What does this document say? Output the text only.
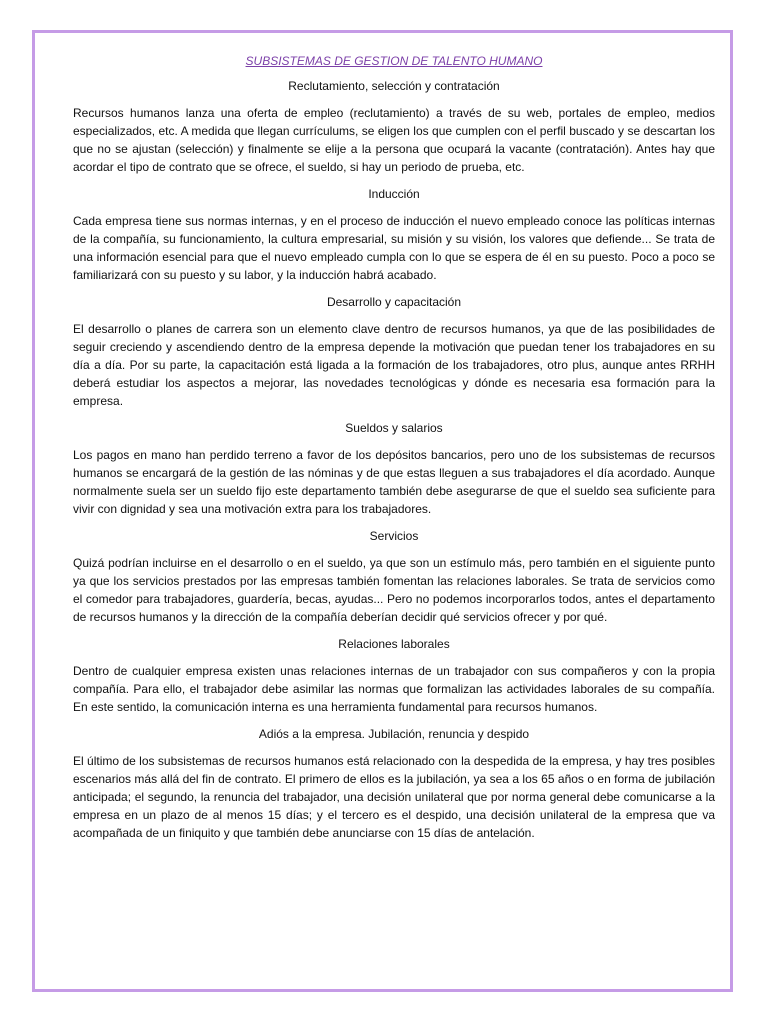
SUBSISTEMAS DE GESTION DE TALENTO HUMANO
Reclutamiento, selección y contratación

Recursos humanos lanza una oferta de empleo (reclutamiento) a través de su web, portales de empleo, medios especializados, etc. A medida que llegan currículums, se eligen los que cumplen con el perfil buscado y se descartan los que no se ajustan (selección) y finalmente se elije a la persona que ocupará la vacante (contratación). Antes hay que acordar el tipo de contrato que se ofrece, el sueldo, si hay un periodo de prueba, etc.

Inducción

Cada empresa tiene sus normas internas, y en el proceso de inducción el nuevo empleado conoce las políticas internas de la compañía, su funcionamiento, la cultura empresarial, su misión y su visión, los valores que defiende... Se trata de una información esencial para que el nuevo empleado cumpla con lo que se espera de él en su puesto. Poco a poco se familiarizará con su puesto y su labor, y la inducción habrá acabado.

Desarrollo y capacitación

El desarrollo o planes de carrera son un elemento clave dentro de recursos humanos, ya que de las posibilidades de seguir creciendo y ascendiendo dentro de la empresa depende la motivación que puedan tener los trabajadores en su día a día. Por su parte, la capacitación está ligada a la formación de los trabajadores, otro plus, aunque antes RRHH deberá estudiar los aspectos a mejorar, las novedades tecnológicas y dónde es necesaria esa formación para la empresa.

Sueldos y salarios

Los pagos en mano han perdido terreno a favor de los depósitos bancarios, pero uno de los subsistemas de recursos humanos se encargará de la gestión de las nóminas y de que estas lleguen a sus trabajadores el día acordado. Aunque normalmente suela ser un sueldo fijo este departamento también debe asegurarse de que el sueldo sea suficiente para vivir con dignidad y sea una motivación extra para los trabajadores.

Servicios

Quizá podrían incluirse en el desarrollo o en el sueldo, ya que son un estímulo más, pero también en el siguiente punto ya que los servicios prestados por las empresas también fomentan las relaciones laborales. Se trata de servicios como el comedor para trabajadores, guardería, becas, ayudas... Pero no podemos incorporarlos todos, antes el departamento de recursos humanos y la dirección de la compañía deberían decidir qué servicios ofrecer y por qué.

Relaciones laborales

Dentro de cualquier empresa existen unas relaciones internas de un trabajador con sus compañeros y con la propia compañía. Para ello, el trabajador debe asimilar las normas que formalizan las actividades laborales de su compañía. En este sentido, la comunicación interna es una herramienta fundamental para recursos humanos.

Adiós a la empresa. Jubilación, renuncia y despido

El último de los subsistemas de recursos humanos está relacionado con la despedida de la empresa, y hay tres posibles escenarios más allá del fin de contrato. El primero de ellos es la jubilación, ya sea a los 65 años o en forma de jubilación anticipada; el segundo, la renuncia del trabajador, una decisión unilateral que por norma general debe comunicarse a la empresa en un plazo de al menos 15 días; y el tercero es el despido, una decisión unilateral de la empresa que va acompañada de un finiquito y que también debe anunciarse con 15 días de antelación.
